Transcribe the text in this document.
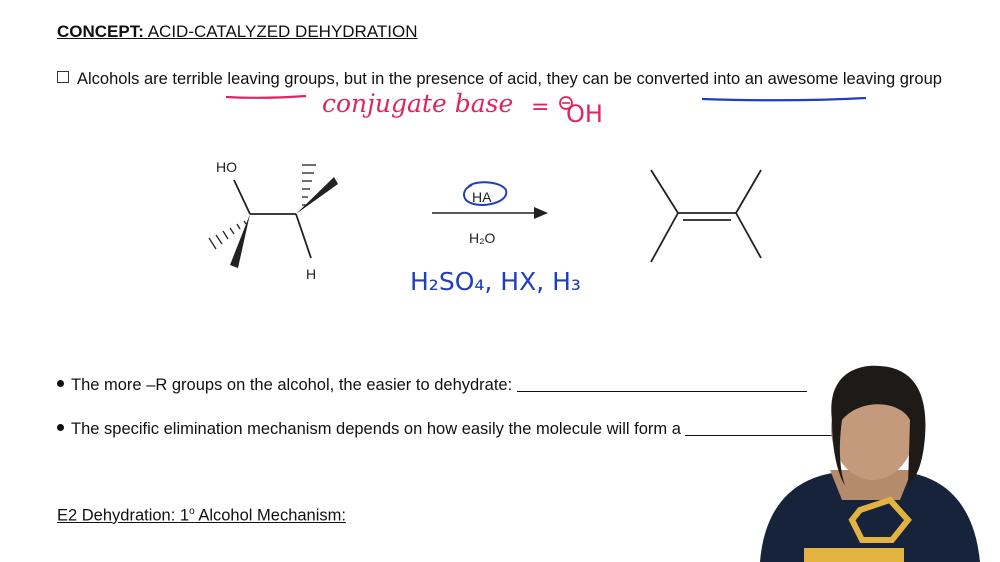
CONCEPT: ACID-CATALYZED DEHYDRATION
Alcohols are terrible leaving groups, but in the presence of acid, they can be converted into an awesome leaving group
The more –R groups on the alcohol, the easier to dehydrate:
The specific elimination mechanism depends on how easily the molecule will form a
E2 Dehydration: 1$^o$ Alcohol Mechanism:
conjugate base = OH
HO
H
HA
H₂O
H₂SO₄, HX, H₃
